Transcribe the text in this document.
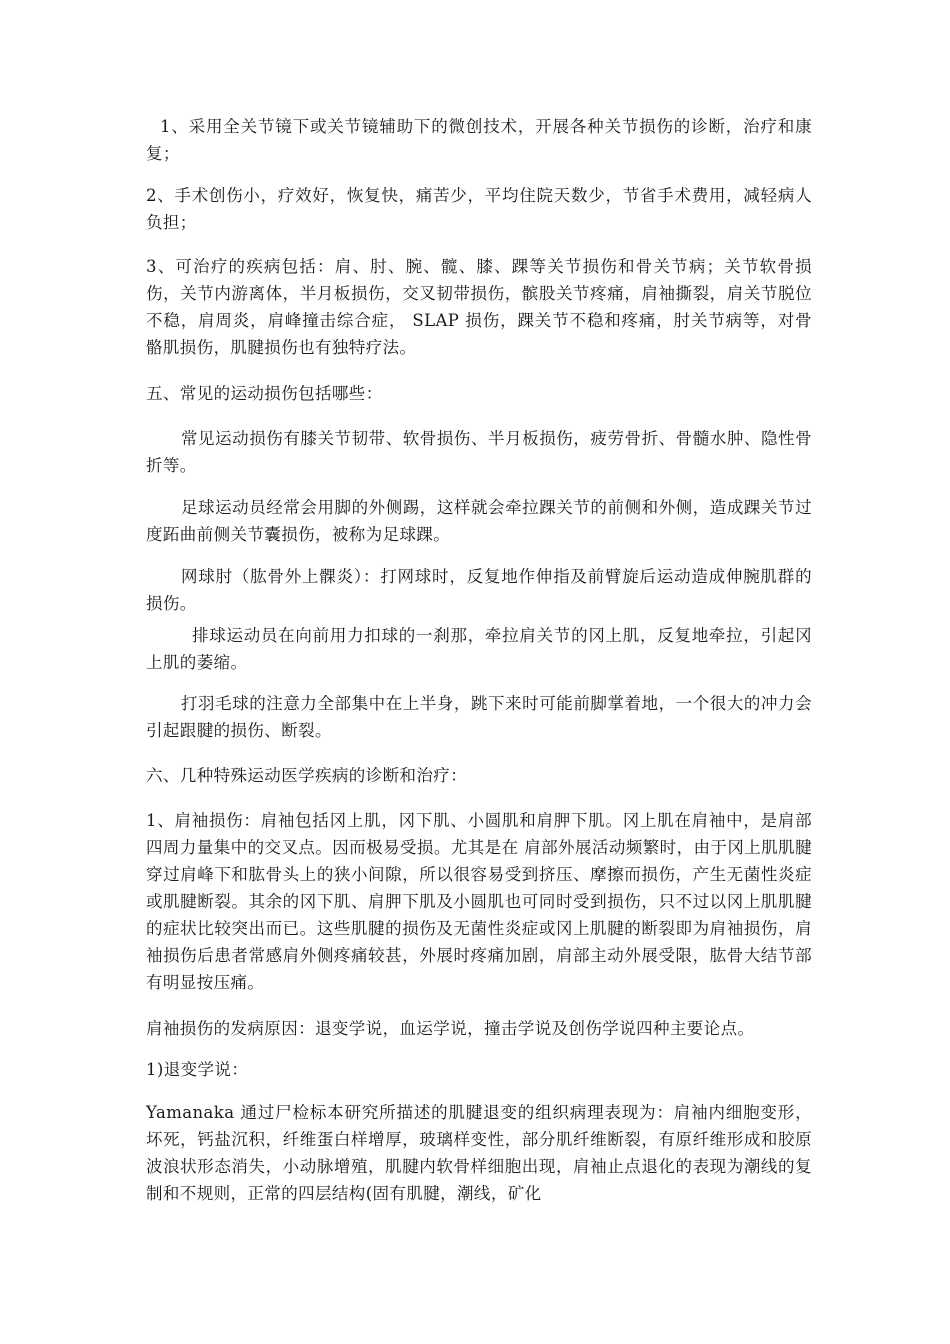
1、采用全关节镜下或关节镜辅助下的微创技术，开展各种关节损伤的诊断，治疗和康复；

2、手术创伤小，疗效好，恢复快，痛苦少，平均住院天数少，节省手术费用，减轻病人负担；

3、可治疗的疾病包括：肩、肘、腕、髋、膝、踝等关节损伤和骨关节病；关节软骨损伤，关节内游离体，半月板损伤，交叉韧带损伤，髌股关节疼痛，肩袖撕裂，肩关节脱位不稳，肩周炎，肩峰撞击综合症， SLAP 损伤，踝关节不稳和疼痛，肘关节病等，对骨骼肌损伤，肌腱损伤也有独特疗法。

五、常见的运动损伤包括哪些：

常见运动损伤有膝关节韧带、软骨损伤、半月板损伤，疲劳骨折、骨髓水肿、隐性骨折等。

足球运动员经常会用脚的外侧踢，这样就会牵拉踝关节的前侧和外侧，造成踝关节过度跖曲前侧关节囊损伤，被称为足球踝。

网球肘（肱骨外上髁炎）：打网球时，反复地作伸指及前臂旋后运动造成伸腕肌群的损伤。

排球运动员在向前用力扣球的一刹那，牵拉肩关节的冈上肌，反复地牵拉，引起冈上肌的萎缩。

打羽毛球的注意力全部集中在上半身，跳下来时可能前脚掌着地，一个很大的冲力会引起跟腱的损伤、断裂。

六、几种特殊运动医学疾病的诊断和治疗：

1、肩袖损伤：肩袖包括冈上肌，冈下肌、小圆肌和肩胛下肌。冈上肌在肩袖中，是肩部四周力量集中的交叉点。因而极易受损。尤其是在 肩部外展活动频繁时，由于冈上肌肌腱穿过肩峰下和肱骨头上的狭小间隙，所以很容易受到挤压、摩擦而损伤，产生无菌性炎症或肌腱断裂。其余的冈下肌、肩胛下肌及小圆肌也可同时受到损伤，只不过以冈上肌肌腱的症状比较突出而已。这些肌腱的损伤及无菌性炎症或冈上肌腱的断裂即为肩袖损伤，肩袖损伤后患者常感肩外侧疼痛较甚，外展时疼痛加剧，肩部主动外展受限，肱骨大结节部有明显按压痛。

肩袖损伤的发病原因：退变学说，血运学说，撞击学说及创伤学说四种主要论点。

1)退变学说：

Yamanaka 通过尸检标本研究所描述的肌腱退变的组织病理表现为：肩袖内细胞变形，坏死，钙盐沉积，纤维蛋白样增厚，玻璃样变性，部分肌纤维断裂，有原纤维形成和胶原波浪状形态消失，小动脉增殖，肌腱内软骨样细胞出现，肩袖止点退化的表现为潮线的复制和不规则，正常的四层结构(固有肌腱，潮线，矿化
